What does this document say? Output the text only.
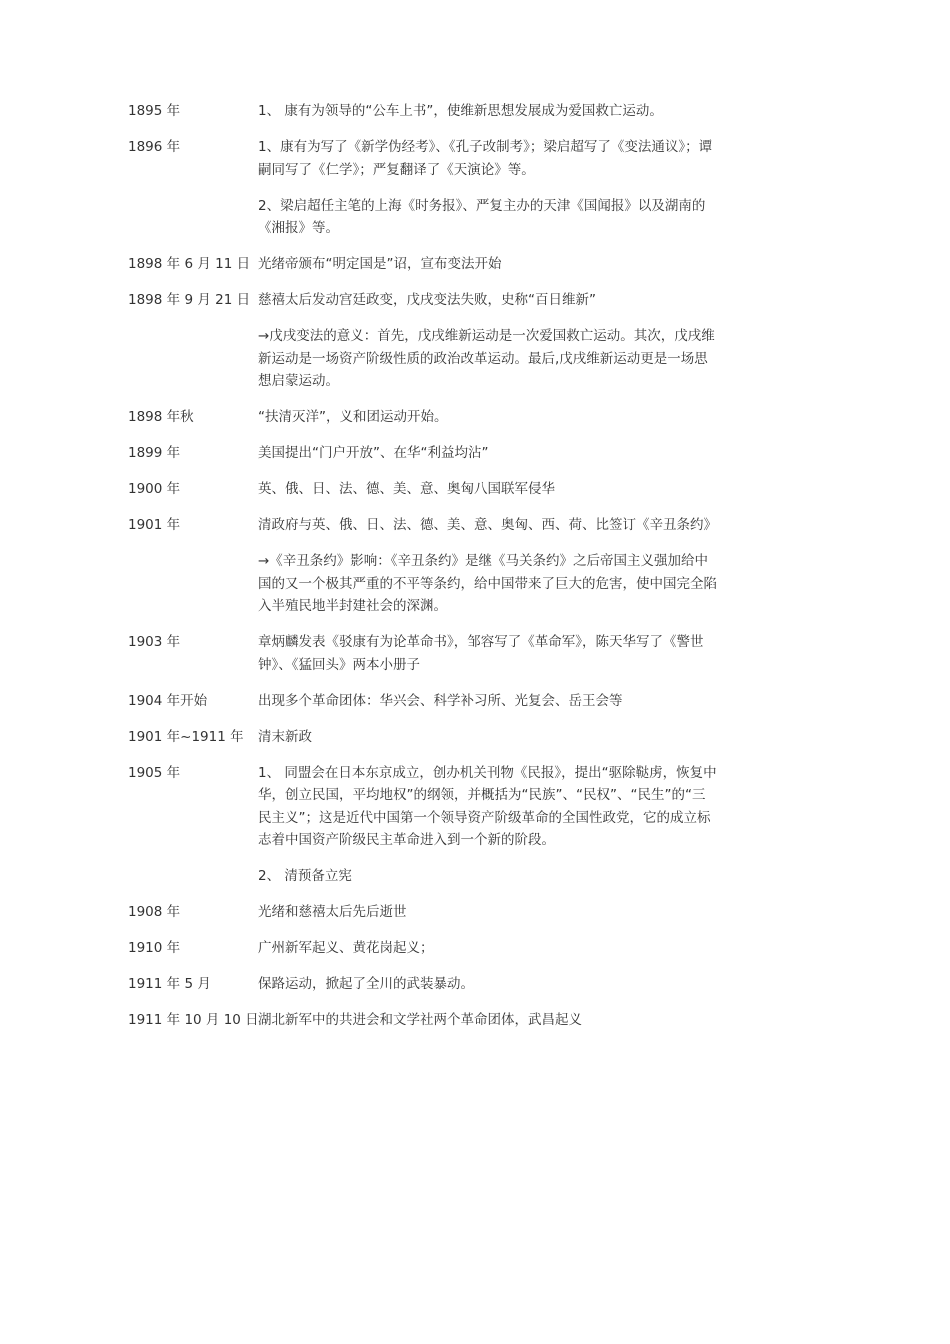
1895 年	1、 康有为领导的“公车上书”，使维新思想发展成为爱国救亡运动。
1896 年	1、康有为写了《新学伪经考》、《孔子改制考》；梁启超写了《变法通议》；谭嗣同写了《仁学》；严复翻译了《天演论》等。
2、梁启超任主笔的上海《时务报》、严复主办的天津《国闻报》以及湖南的《湘报》等。
1898 年 6 月 11 日 光绪帝颁布“明定国是”诏，宣布变法开始
1898 年 9 月 21 日 慈禧太后发动宫廷政变，戊戌变法失败，史称“百日维新”
→戊戌变法的意义：首先，戊戌维新运动是一次爱国救亡运动。其次，戊戌维新运动是一场资产阶级性质的政治改革运动。最后,戊戌维新运动更是一场思想启蒙运动。
1898 年秋	“扶清灭洋”，义和团运动开始。
1899 年	美国提出“门户开放”、在华“利益均沾”
1900 年	英、俄、日、法、德、美、意、奥匈八国联军侵华
1901 年	清政府与英、俄、日、法、德、美、意、奥匈、西、荷、比签订《辛丑条约》
→《辛丑条约》影响：《辛丑条约》是继《马关条约》之后帝国主义强加给中国的又一个极其严重的不平等条约，给中国带来了巨大的危害，使中国完全陷入半殖民地半封建社会的深渊。
1903 年	章炳麟发表《驳康有为论革命书》，邹容写了《革命军》，陈天华写了《警世钟》、《猛回头》两本小册子
1904 年开始	出现多个革命团体：华兴会、科学补习所、光复会、岳王会等
1901 年~1911 年	清末新政
1905 年	1、 同盟会在日本东京成立，创办机关刊物《民报》，提出“驱除鞑虏，恢复中华，创立民国，平均地权”的纲领，并概括为“民族”、“民权”、“民生”的“三民主义”；这是近代中国第一个领导资产阶级革命的全国性政党，它的成立标志着中国资产阶级民主革命进入到一个新的阶段。
2、 清预备立宪
1908 年	光绪和慈禧太后先后逝世
1910 年	广州新军起义、黄花岗起义；
1911 年 5 月	保路运动，掀起了全川的武装暴动。
1911 年 10 月 10 日 湖北新军中的共进会和文学社两个革命团体，武昌起义
